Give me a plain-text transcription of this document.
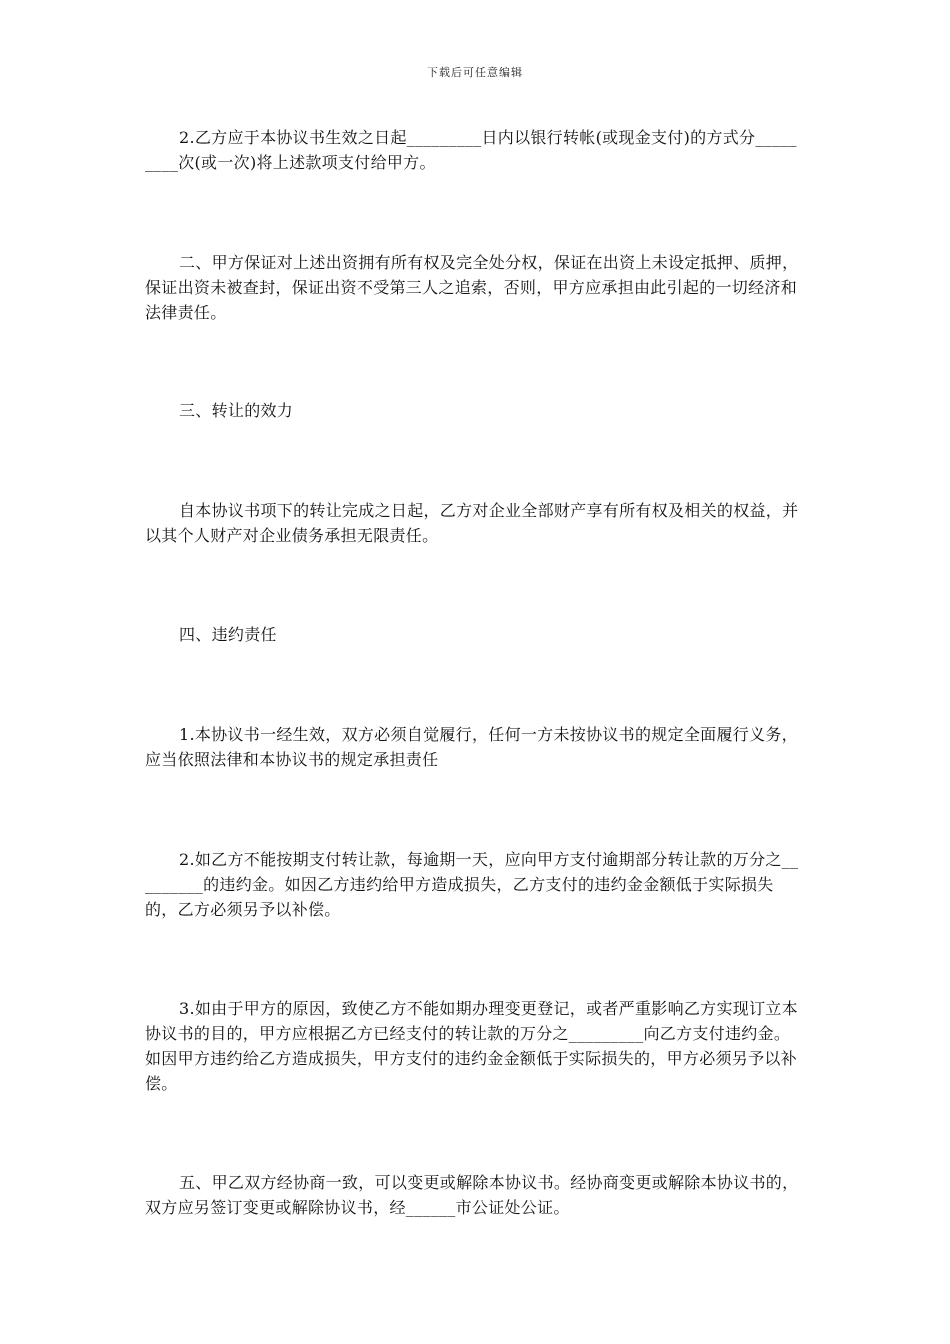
下载后可任意编辑

2.乙方应于本协议书生效之日起_________日内以银行转帐(或现金支付)的方式分_________次(或一次)将上述款项支付给甲方。

二、甲方保证对上述出资拥有所有权及完全处分权，保证在出资上未设定抵押、质押，保证出资未被查封，保证出资不受第三人之追索，否则，甲方应承担由此引起的一切经济和法律责任。

三、转让的效力

自本协议书项下的转让完成之日起，乙方对企业全部财产享有所有权及相关的权益，并以其个人财产对企业债务承担无限责任。

四、违约责任

1.本协议书一经生效，双方必须自觉履行，任何一方未按协议书的规定全面履行义务，应当依照法律和本协议书的规定承担责任

2.如乙方不能按期支付转让款，每逾期一天，应向甲方支付逾期部分转让款的万分之_________的违约金。如因乙方违约给甲方造成损失，乙方支付的违约金金额低于实际损失的，乙方必须另予以补偿。

3.如由于甲方的原因，致使乙方不能如期办理变更登记，或者严重影响乙方实现订立本协议书的目的，甲方应根据乙方已经支付的转让款的万分之_________向乙方支付违约金。如因甲方违约给乙方造成损失，甲方支付的违约金金额低于实际损失的，甲方必须另予以补偿。

五、甲乙双方经协商一致，可以变更或解除本协议书。经协商变更或解除本协议书的，双方应另签订变更或解除协议书，经______市公证处公证。
